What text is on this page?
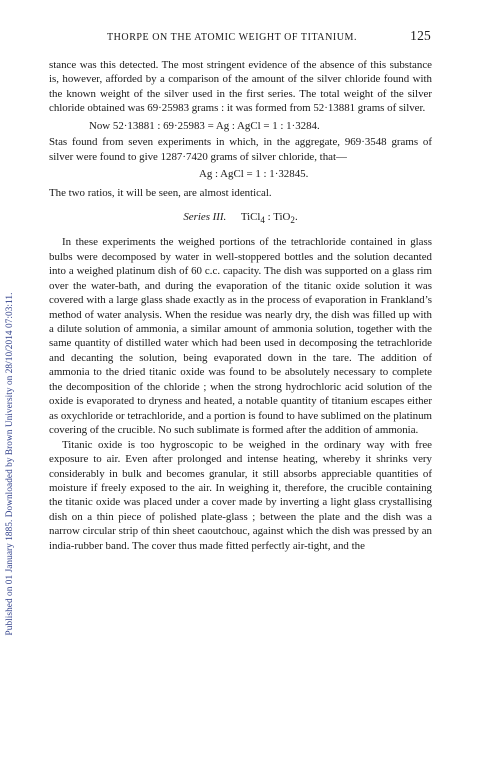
Published on 01 January 1885. Downloaded by Brown University on 28/10/2014 07:03:11.
THORPE ON THE ATOMIC WEIGHT OF TITANIUM.	125

stance was this detected. The most stringent evidence of the absence of this substance is, however, afforded by a comparison of the amount of the silver chloride found with the known weight of the silver used in the first series. The total weight of the silver chloride obtained was 69·25983 grams : it was formed from 52·13881 grams of silver.

Now 52·13881 : 69·25983 = Ag : AgCl = 1 : 1·3284.

Stas found from seven experiments in which, in the aggregate, 969·3548 grams of silver were found to give 1287·7420 grams of silver chloride, that—

Ag : AgCl = 1 : 1·32845.

The two ratios, it will be seen, are almost identical.

Series III. TiCl$_4$ : TiO$_2$.

In these experiments the weighed portions of the tetrachloride contained in glass bulbs were decomposed by water in well-stoppered bottles and the solution decanted into a weighed platinum dish of 60 c.c. capacity. The dish was supported on a glass rim over the water-bath, and during the evaporation of the titanic oxide solution it was covered with a large glass shade exactly as in the process of evaporation in Frankland’s method of water analysis. When the residue was nearly dry, the dish was filled up with a dilute solution of ammonia, a similar amount of ammonia solution, together with the same quantity of distilled water which had been used in decomposing the tetrachloride and decanting the solution, being evaporated down in the tare. The addition of ammonia to the dried titanic oxide was found to be absolutely necessary to complete the decomposition of the chloride ; when the strong hydrochloric acid solution of the oxide is evaporated to dryness and heated, a notable quantity of titanium escapes either as oxychloride or tetrachloride, and a portion is found to have sublimed on the platinum covering of the crucible. No such sublimate is formed after the addition of ammonia.

Titanic oxide is too hygroscopic to be weighed in the ordinary way with free exposure to air. Even after prolonged and intense heating, whereby it shrinks very considerably in bulk and becomes granular, it still absorbs appreciable quantities of moisture if freely exposed to the air. In weighing it, therefore, the crucible containing the titanic oxide was placed under a cover made by inverting a light glass crystallising dish on a thin piece of polished plate-glass ; between the plate and the dish was a narrow circular strip of thin sheet caoutchouc, against which the dish was pressed by an india-rubber band. The cover thus made fitted perfectly air-tight, and the
